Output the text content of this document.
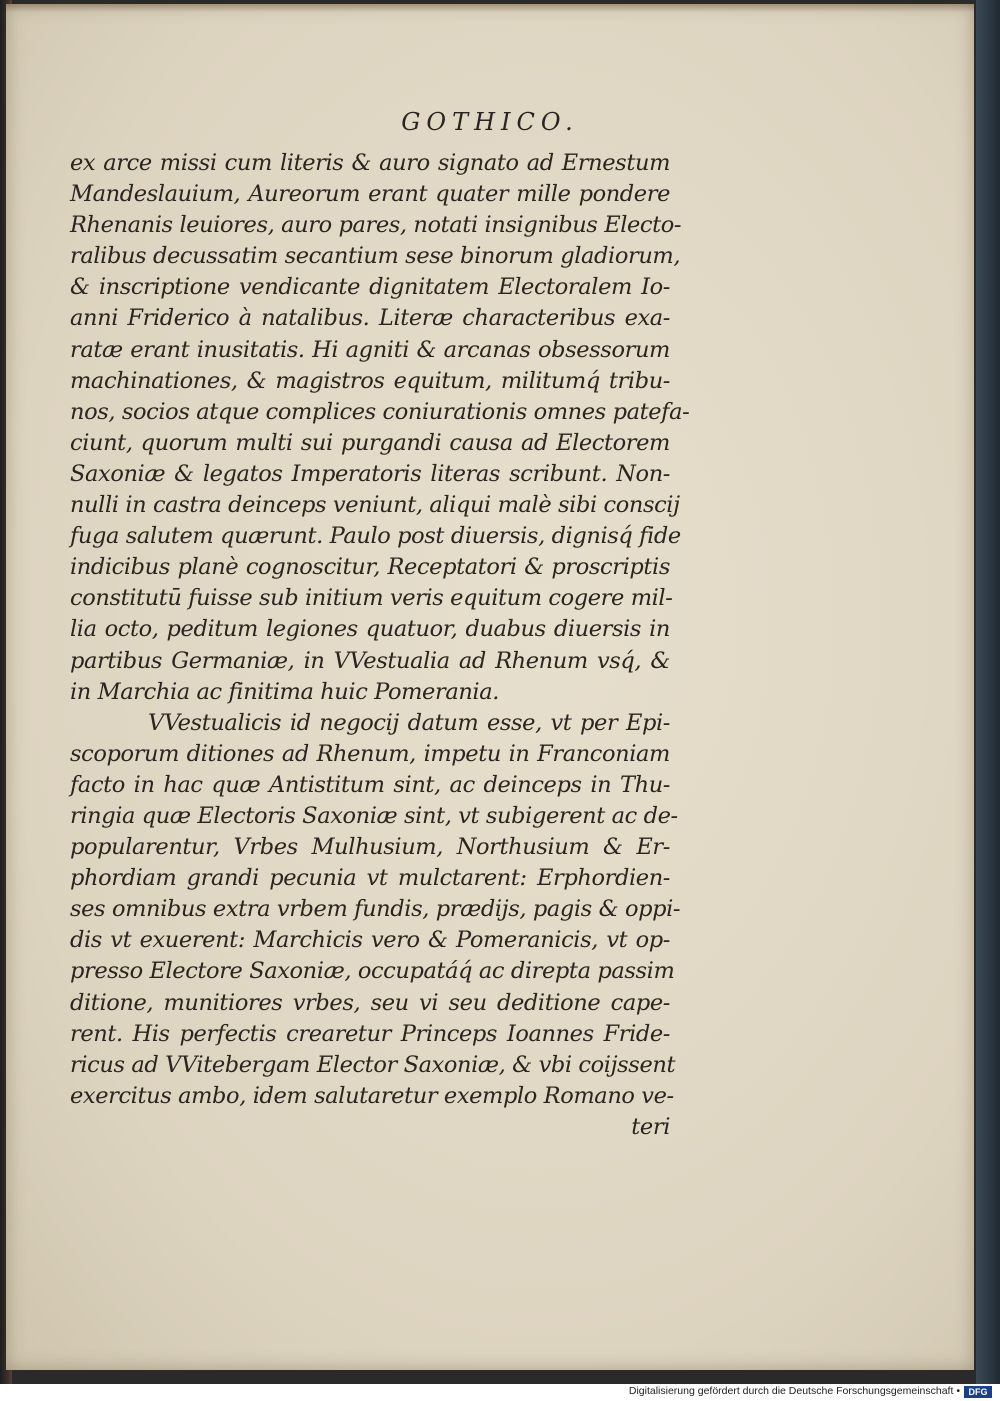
GOTHICO.
ex arce missi cum literis & auro signato ad Ernestum
Mandeslauium, Aureorum erant quater mille pondere
Rhenanis leuiores, auro pares, notati insignibus Electo-
ralibus decussatim secantium sese binorum gladiorum,
& inscriptione vendicante dignitatem Electoralem Io-
anni Friderico à natalibus. Literæ characteribus exa-
ratæ erant inusitatis. Hi agniti & arcanas obsessorum
machinationes, & magistros equitum, militumq́ tribu-
nos, socios atque complices coniurationis omnes patefa-
ciunt, quorum multi sui purgandi causa ad Electorem
Saxoniæ & legatos Imperatoris literas scribunt. Non-
nulli in castra deinceps veniunt, aliqui malè sibi conscij
fuga salutem quærunt. Paulo post diuersis, dignisq́ fide
indicibus planè cognoscitur, Receptatori & proscriptis
constitutū fuisse sub initium veris equitum cogere mil-
lia octo, peditum legiones quatuor, duabus diuersis in
partibus Germaniæ, in VVestualia ad Rhenum vsq́, &
in Marchia ac finitima huic Pomerania.
VVestualicis id negocij datum esse, vt per Epi-
scoporum ditiones ad Rhenum, impetu in Franconiam
facto in hac quæ Antistitum sint, ac deinceps in Thu-
ringia quæ Electoris Saxoniæ sint, vt subigerent ac de-
popularentur, Vrbes Mulhusium, Northusium & Er-
phordiam grandi pecunia vt mulctarent: Erphordien-
ses omnibus extra vrbem fundis, prædijs, pagis & oppi-
dis vt exuerent: Marchicis vero & Pomeranicis, vt op-
presso Electore Saxoniæ, occupatáq́ ac direpta passim
ditione, munitiores vrbes, seu vi seu deditione cape-
rent. His perfectis crearetur Princeps Ioannes Fride-
ricus ad VVitebergam Elector Saxoniæ, & vbi coijssent
exercitus ambo, idem salutaretur exemplo Romano ve-
teri
Digitalisierung gefördert durch die Deutsche Forschungsgemeinschaft • DFG
